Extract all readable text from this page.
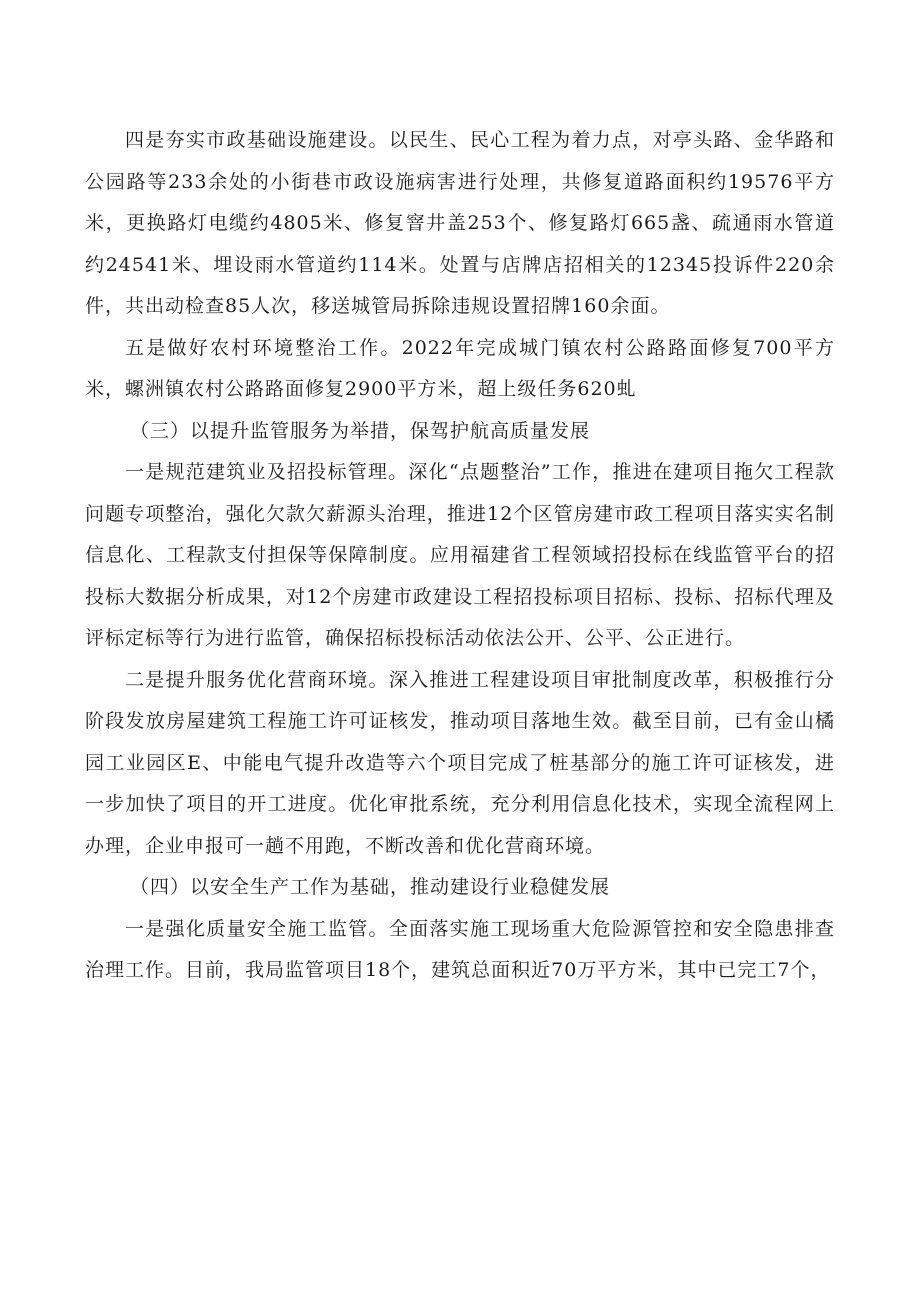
四是夯实市政基础设施建设。以民生、民心工程为着力点，对亭头路、金华路和公园路等233余处的小街巷市政设施病害进行处理，共修复道路面积约19576平方米，更换路灯电缆约4805米、修复窨井盖253个、修复路灯665盏、疏通雨水管道约24541米、埋设雨水管道约114米。处置与店牌店招相关的12345投诉件220余件，共出动检查85人次，移送城管局拆除违规设置招牌160余面。

五是做好农村环境整治工作。2022年完成城门镇农村公路路面修复700平方米，螺洲镇农村公路路面修复2900平方米，超上级任务620虬

（三）以提升监管服务为举措，保驾护航高质量发展

一是规范建筑业及招投标管理。深化“点题整治”工作，推进在建项目拖欠工程款问题专项整治，强化欠款欠薪源头治理，推进12个区管房建市政工程项目落实实名制信息化、工程款支付担保等保障制度。应用福建省工程领域招投标在线监管平台的招投标大数据分析成果，对12个房建市政建设工程招投标项目招标、投标、招标代理及评标定标等行为进行监管，确保招标投标活动依法公开、公平、公正进行。

二是提升服务优化营商环境。深入推进工程建设项目审批制度改革，积极推行分阶段发放房屋建筑工程施工许可证核发，推动项目落地生效。截至目前，已有金山橘园工业园区E、中能电气提升改造等六个项目完成了桩基部分的施工许可证核发，进一步加快了项目的开工进度。优化审批系统，充分利用信息化技术，实现全流程网上办理，企业申报可一趟不用跑，不断改善和优化营商环境。

（四）以安全生产工作为基础，推动建设行业稳健发展

一是强化质量安全施工监管。全面落实施工现场重大危险源管控和安全隐患排查治理工作。目前，我局监管项目18个，建筑总面积近70万平方米，其中已完工7个，
